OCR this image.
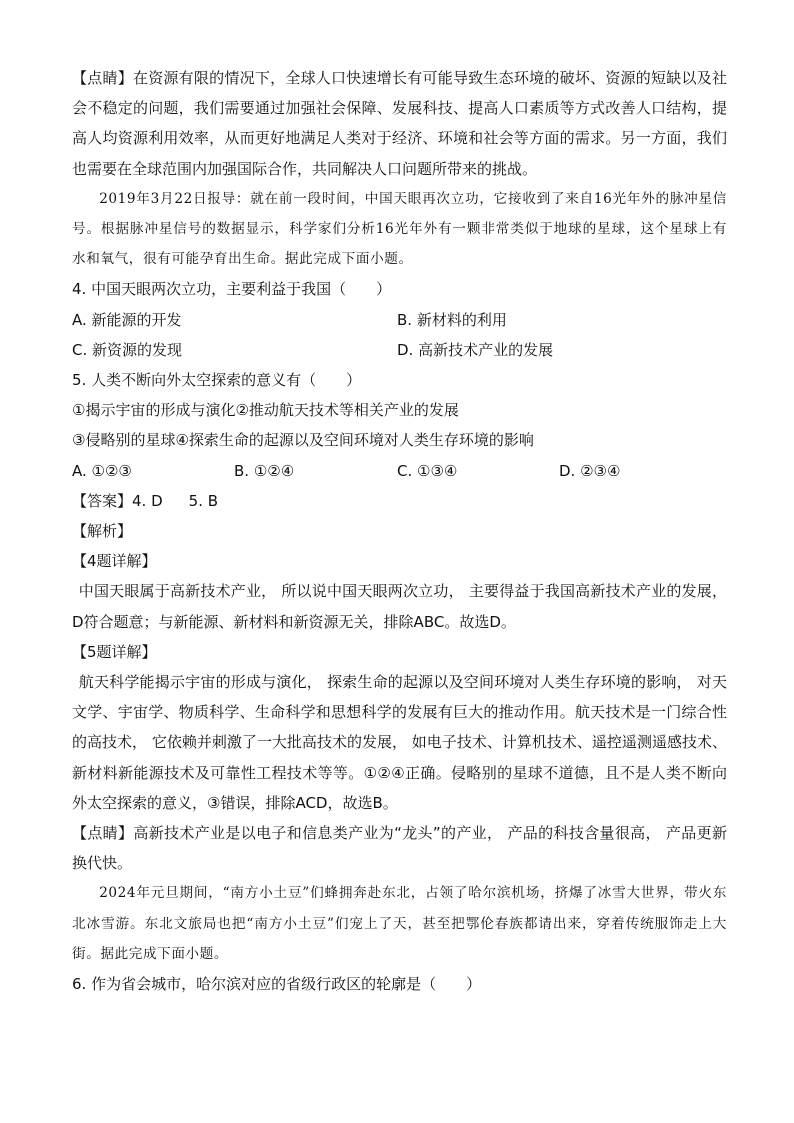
【点睛】在资源有限的情况下，全球人口快速增长有可能导致生态环境的破坏、资源的短缺以及社会不稳定的问题，我们需要通过加强社会保障、发展科技、提高人口素质等方式改善人口结构，提高人均资源利用效率，从而更好地满足人类对于经济、环境和社会等方面的需求。另一方面，我们也需要在全球范围内加强国际合作，共同解决人口问题所带来的挑战。

2019年3月22日报导：就在前一段时间，中国天眼再次立功，它接收到了来自16光年外的脉冲星信号。根据脉冲星信号的数据显示，科学家们分析16光年外有一颗非常类似于地球的星球，这个星球上有水和氧气，很有可能孕育出生命。据此完成下面小题。

4. 中国天眼两次立功，主要利益于我国（　　）

A. 新能源的开发	B. 新材料的利用
C. 新资源的发现	D. 高新技术产业的发展

5. 人类不断向外太空探索的意义有（　　）

①揭示宇宙的形成与演化②推动航天技术等相关产业的发展

③侵略别的星球④探索生命的起源以及空间环境对人类生存环境的影响

A. ①②③	B. ①②④	C. ①③④	D. ②③④

【答案】4. D 5. B

【解析】

【4题详解】

中国天眼属于高新技术产业， 所以说中国天眼两次立功， 主要得益于我国高新技术产业的发展，D符合题意；与新能源、新材料和新资源无关，排除ABC。故选D。

【5题详解】

航天科学能揭示宇宙的形成与演化， 探索生命的起源以及空间环境对人类生存环境的影响， 对天文学、宇宙学、物质科学、生命科学和思想科学的发展有巨大的推动作用。航天技术是一门综合性的高技术， 它依赖并刺激了一大批高技术的发展， 如电子技术、计算机技术、遥控遥测遥感技术、新材料新能源技术及可靠性工程技术等等。①②④正确。侵略别的星球不道德，且不是人类不断向外太空探索的意义，③错误，排除ACD，故选B。

【点睛】高新技术产业是以电子和信息类产业为“龙头”的产业， 产品的科技含量很高， 产品更新换代快。

2024年元旦期间，“南方小土豆”们蜂拥奔赴东北，占领了哈尔滨机场，挤爆了冰雪大世界，带火东北冰雪游。东北文旅局也把“南方小土豆”们宠上了天，甚至把鄂伦春族都请出来，穿着传统服饰走上大街。据此完成下面小题。

6. 作为省会城市，哈尔滨对应的省级行政区的轮廓是（　　）
